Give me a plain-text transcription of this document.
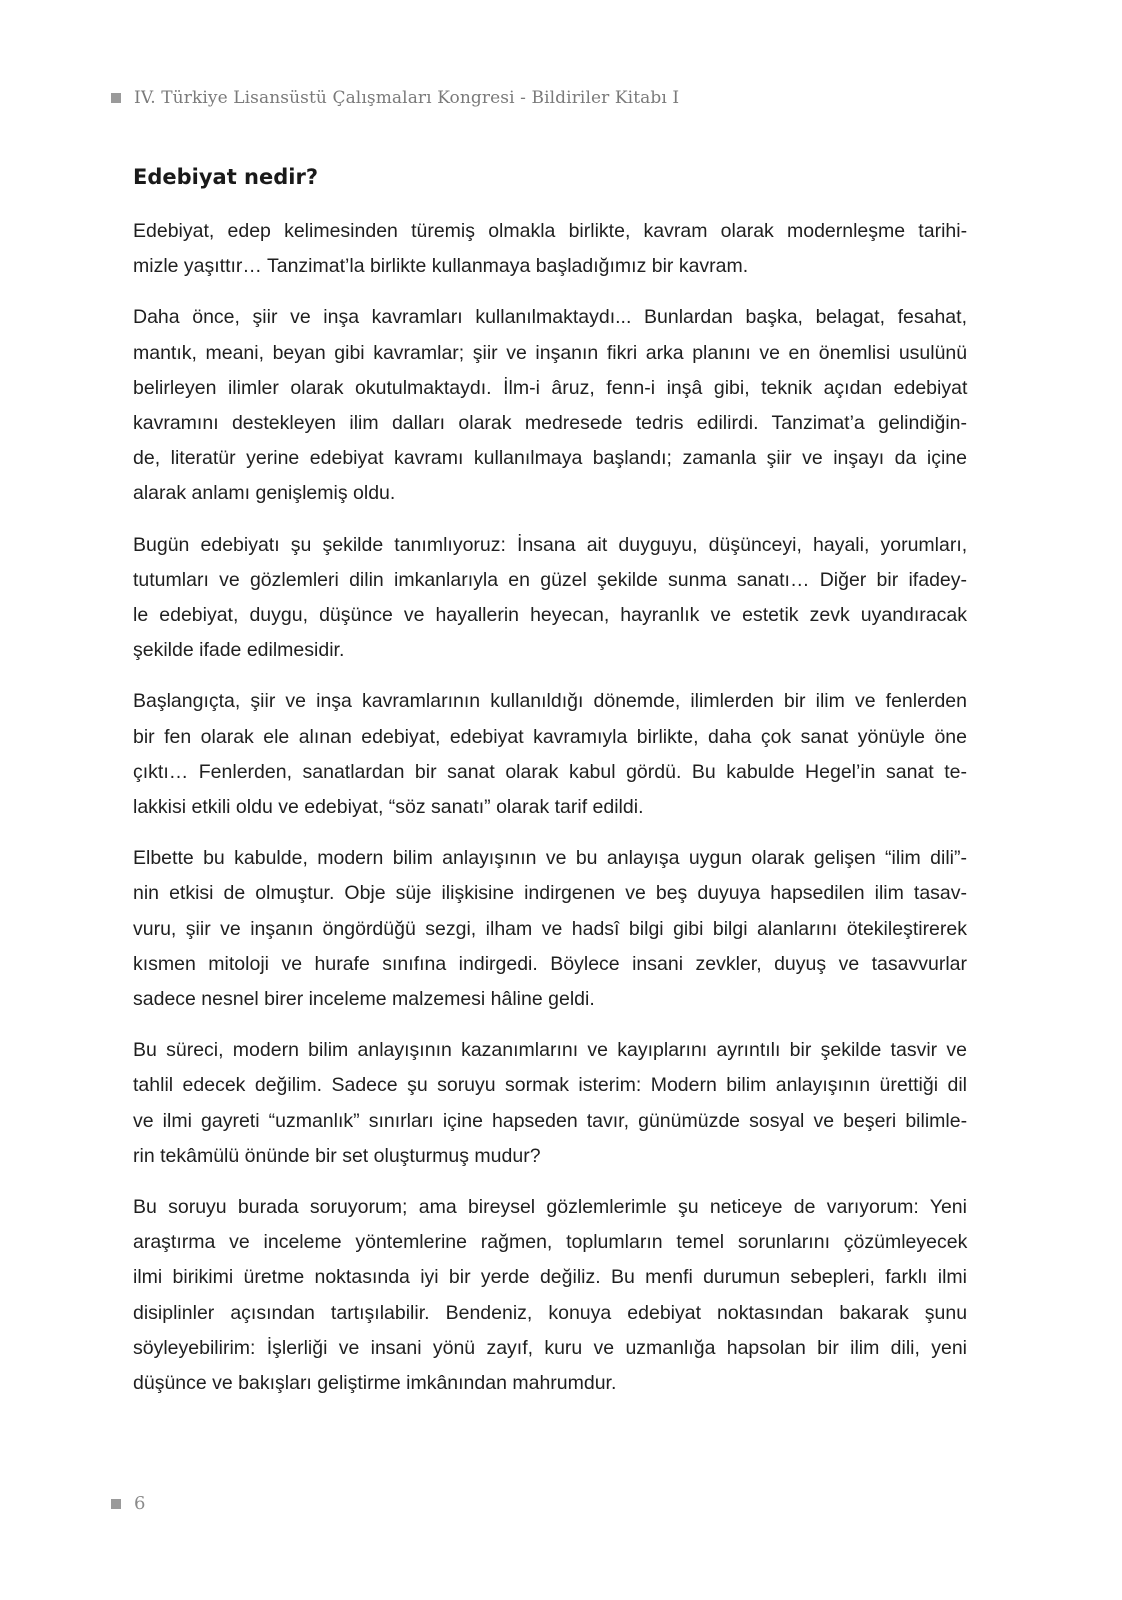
IV. Türkiye Lisansüstü Çalışmaları Kongresi - Bildiriler Kitabı I
Edebiyat nedir?
Edebiyat, edep kelimesinden türemiş olmakla birlikte, kavram olarak modernleşme tarihi-
mizle yaşıttır… Tanzimat’la birlikte kullanmaya başladığımız bir kavram.
Daha önce, şiir ve inşa kavramları kullanılmaktaydı... Bunlardan başka, belagat, fesahat,
mantık, meani, beyan gibi kavramlar; şiir ve inşanın fikri arka planını ve en önemlisi usulünü
belirleyen ilimler olarak okutulmaktaydı. İlm-i âruz, fenn-i inşâ gibi, teknik açıdan edebiyat
kavramını destekleyen ilim dalları olarak medresede tedris edilirdi. Tanzimat’a gelindiğin-
de, literatür yerine edebiyat kavramı kullanılmaya başlandı; zamanla şiir ve inşayı da içine
alarak anlamı genişlemiş oldu.
Bugün edebiyatı şu şekilde tanımlıyoruz: İnsana ait duyguyu, düşünceyi, hayali, yorumları,
tutumları ve gözlemleri dilin imkanlarıyla en güzel şekilde sunma sanatı… Diğer bir ifadey-
le edebiyat, duygu, düşünce ve hayallerin heyecan, hayranlık ve estetik zevk uyandıracak
şekilde ifade edilmesidir.
Başlangıçta, şiir ve inşa kavramlarının kullanıldığı dönemde, ilimlerden bir ilim ve fenlerden
bir fen olarak ele alınan edebiyat, edebiyat kavramıyla birlikte, daha çok sanat yönüyle öne
çıktı… Fenlerden, sanatlardan bir sanat olarak kabul gördü. Bu kabulde Hegel’in sanat te-
lakkisi etkili oldu ve edebiyat, “söz sanatı” olarak tarif edildi.
Elbette bu kabulde, modern bilim anlayışının ve bu anlayışa uygun olarak gelişen “ilim dili”-
nin etkisi de olmuştur. Obje süje ilişkisine indirgenen ve beş duyuya hapsedilen ilim tasav-
vuru, şiir ve inşanın öngördüğü sezgi, ilham ve hadsî bilgi gibi bilgi alanlarını ötekileştirerek
kısmen mitoloji ve hurafe sınıfına indirgedi. Böylece insani zevkler, duyuş ve tasavvurlar
sadece nesnel birer inceleme malzemesi hâline geldi.
Bu süreci, modern bilim anlayışının kazanımlarını ve kayıplarını ayrıntılı bir şekilde tasvir ve
tahlil edecek değilim. Sadece şu soruyu sormak isterim: Modern bilim anlayışının ürettiği dil
ve ilmi gayreti “uzmanlık” sınırları içine hapseden tavır, günümüzde sosyal ve beşeri bilimle-
rin tekâmülü önünde bir set oluşturmuş mudur?
Bu soruyu burada soruyorum; ama bireysel gözlemlerimle şu neticeye de varıyorum: Yeni
araştırma ve inceleme yöntemlerine rağmen, toplumların temel sorunlarını çözümleyecek
ilmi birikimi üretme noktasında iyi bir yerde değiliz. Bu menfi durumun sebepleri, farklı ilmi
disiplinler açısından tartışılabilir. Bendeniz, konuya edebiyat noktasından bakarak şunu
söyleyebilirim: İşlerliği ve insani yönü zayıf, kuru ve uzmanlığa hapsolan bir ilim dili, yeni
düşünce ve bakışları geliştirme imkânından mahrumdur.
6
